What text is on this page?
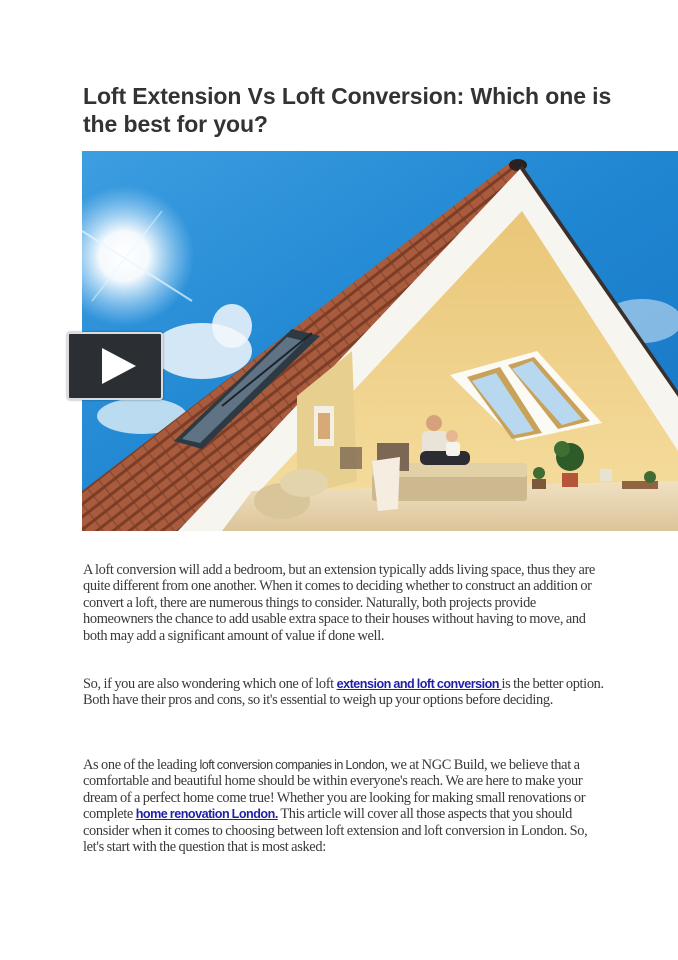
Loft Extension Vs Loft Conversion: Which one is the best for you?

A loft conversion will add a bedroom, but an extension typically adds living space, thus they are quite different from one another. When it comes to deciding whether to construct an addition or convert a loft, there are numerous things to consider. Naturally, both projects provide homeowners the chance to add usable extra space to their houses without having to move, and both may add a significant amount of value if done well.

So, if you are also wondering which one of loft extension and loft conversion is the better option. Both have their pros and cons, so it's essential to weigh up your options before deciding.

As one of the leading loft conversion companies in London, we at NGC Build, we believe that a comfortable and beautiful home should be within everyone's reach. We are here to make your dream of a perfect home come true! Whether you are looking for making small renovations or complete home renovation London. This article will cover all those aspects that you should consider when it comes to choosing between loft extension and loft conversion in London. So, let's start with the question that is most asked:
